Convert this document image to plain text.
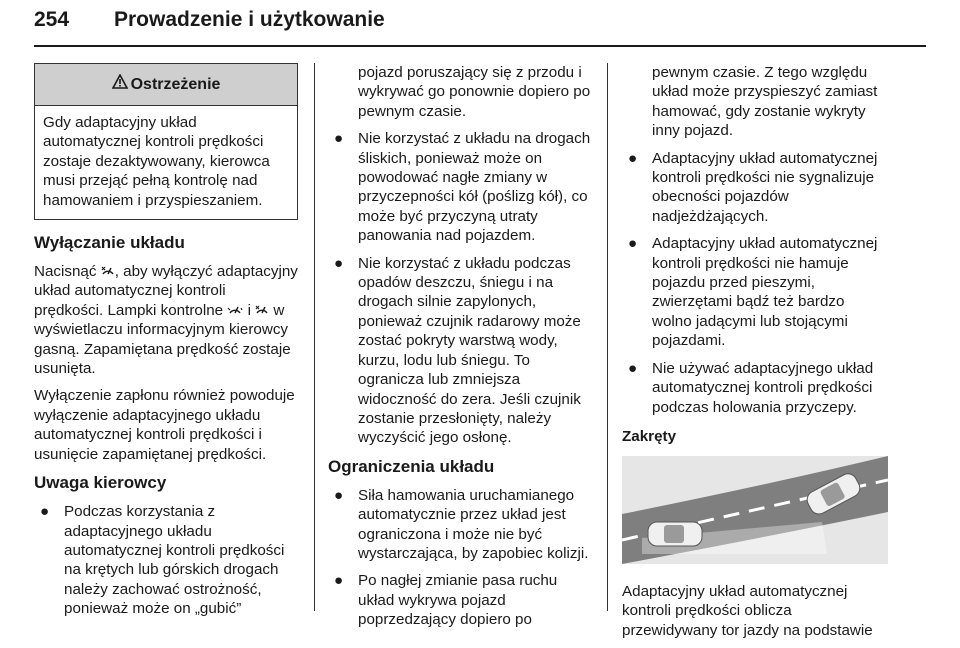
254 Prowadzenie i użytkowanie
Ostrzeżenie
Gdy adaptacyjny układ automatycznej kontroli prędkości zostaje dezaktywowany, kierowca musi przejąć pełną kontrolę nad hamowaniem i przyspieszaniem.
Wyłączanie układu

Nacisnąć , aby wyłączyć adaptacyjny układ automatycznej kontroli prędkości. Lampki kontrolne i w wyświetlaczu informacyjnym kierowcy gasną. Zapamiętana prędkość zostaje usunięta.

Wyłączenie zapłonu również powoduje wyłączenie adaptacyjnego układu automatycznej kontroli prędkości i usunięcie zapamiętanej prędkości.

Uwaga kierowcy
● Podczas korzystania z adaptacyjnego układu automatycznej kontroli prędkości na krętych lub górskich drogach należy zachować ostrożność, ponieważ może on „gubić”

pojazd poruszający się z przodu i wykrywać go ponownie dopiero po pewnym czasie.

● Nie korzystać z układu na drogach śliskich, ponieważ może on powodować nagłe zmiany w przyczepności kół (poślizg kół), co może być przyczyną utraty panowania nad pojazdem.
● Nie korzystać z układu podczas opadów deszczu, śniegu i na drogach silnie zapylonych, ponieważ czujnik radarowy może zostać pokryty warstwą wody, kurzu, lodu lub śniegu. To ogranicza lub zmniejsza widoczność do zera. Jeśli czujnik zostanie przesłonięty, należy wyczyścić jego osłonę.
Ograniczenia układu
● Siła hamowania uruchamianego automatycznie przez układ jest ograniczona i może nie być wystarczająca, by zapobiec kolizji.
● Po nagłej zmianie pasa ruchu układ wykrywa pojazd poprzedzający dopiero po

pewnym czasie. Z tego względu układ może przyspieszyć zamiast hamować, gdy zostanie wykryty inny pojazd.

● Adaptacyjny układ automatycznej kontroli prędkości nie sygnalizuje obecności pojazdów nadjeżdżających.
● Adaptacyjny układ automatycznej kontroli prędkości nie hamuje pojazdu przed pieszymi, zwierzętami bądź też bardzo wolno jadącymi lub stojącymi pojazdami.
● Nie używać adaptacyjnego układ automatycznej kontroli prędkości podczas holowania przyczepy.
Zakręty

Adaptacyjny układ automatycznej kontroli prędkości oblicza przewidywany tor jazdy na podstawie
